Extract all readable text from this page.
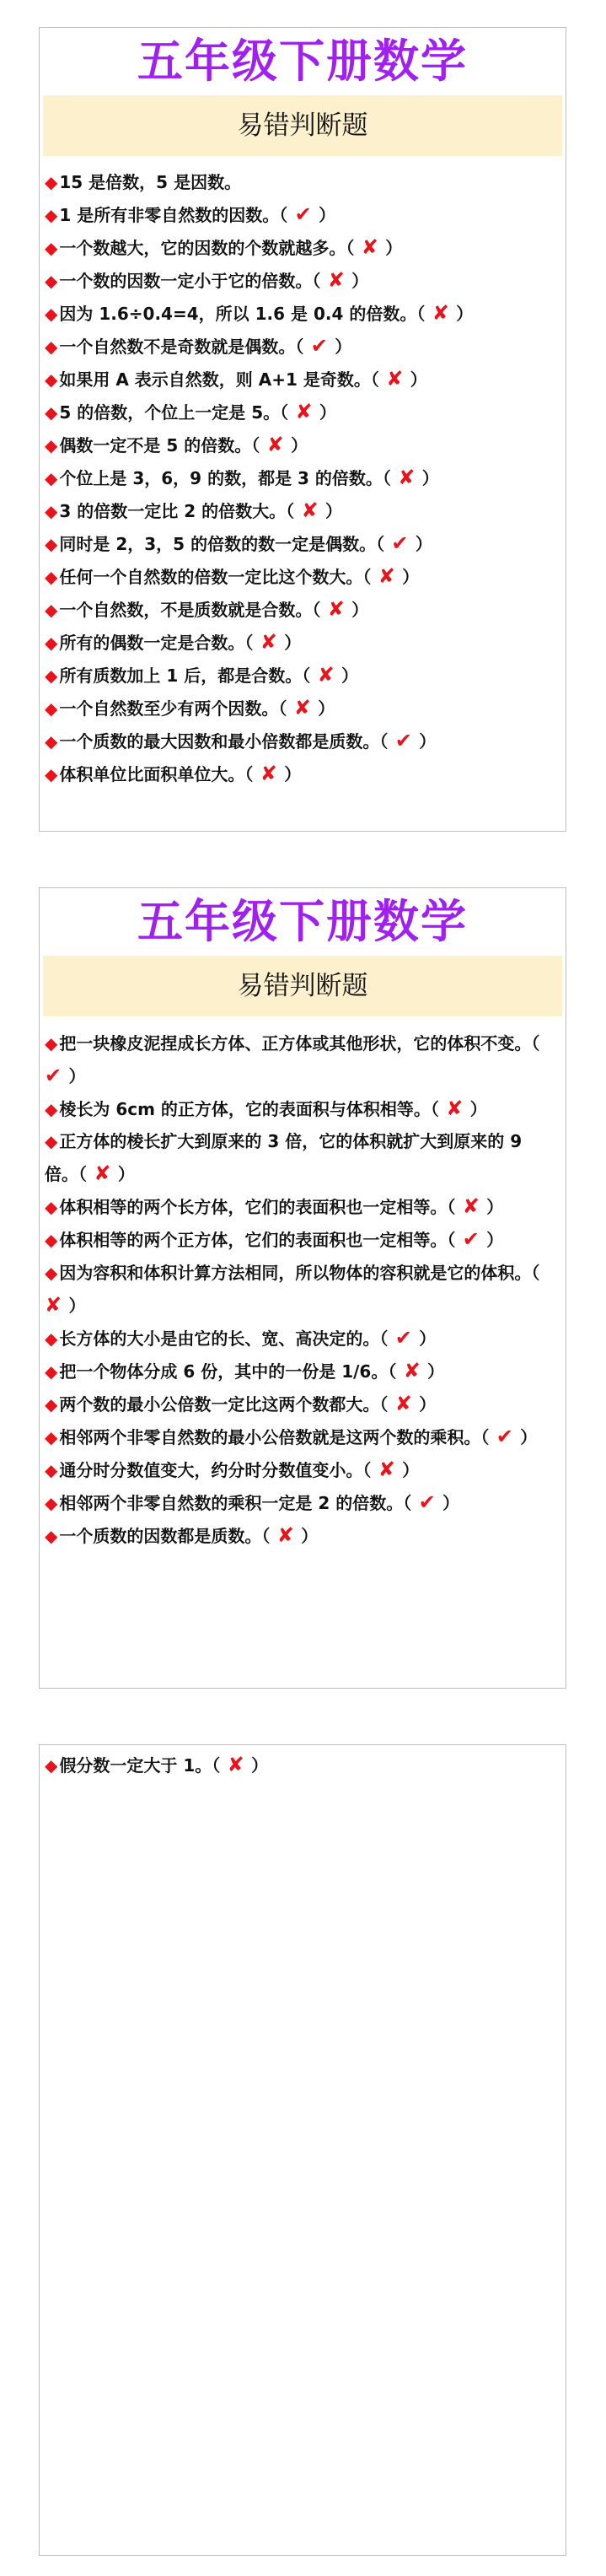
五年级下册数学
易错判断题

◆ 15 是倍数，5 是因数。

◆ 1 是所有非零自然数的因数。（ ✔ ）

◆ 一个数越大，它的因数的个数就越多。（ ✘ ）

◆ 一个数的因数一定小于它的倍数。（ ✘ ）

◆ 因为 1.6÷0.4=4，所以 1.6 是 0.4 的倍数。（ ✘ ）

◆ 一个自然数不是奇数就是偶数。（ ✔ ）

◆ 如果用 A 表示自然数，则 A+1 是奇数。（ ✘ ）

◆ 5 的倍数，个位上一定是 5。（ ✘ ）

◆ 偶数一定不是 5 的倍数。（ ✘ ）

◆ 个位上是 3，6，9 的数，都是 3 的倍数。（ ✘ ）

◆ 3 的倍数一定比 2 的倍数大。（ ✘ ）

◆ 同时是 2，3，5 的倍数的数一定是偶数。（ ✔ ）

◆ 任何一个自然数的倍数一定比这个数大。（ ✘ ）

◆ 一个自然数，不是质数就是合数。（ ✘ ）

◆ 所有的偶数一定是合数。（ ✘ ）

◆ 所有质数加上 1 后，都是合数。（ ✘ ）

◆ 一个自然数至少有两个因数。（ ✘ ）

◆ 一个质数的最大因数和最小倍数都是质数。（ ✔ ）

◆ 体积单位比面积单位大。（ ✘ ）

五年级下册数学
易错判断题

◆ 把一块橡皮泥捏成长方体、正方体或其他形状，它的体积不变。（ ✔ ）

◆ 棱长为 6cm 的正方体，它的表面积与体积相等。（ ✘ ）

◆ 正方体的棱长扩大到原来的 3 倍，它的体积就扩大到原来的 9 倍。（ ✘ ）

◆ 体积相等的两个长方体，它们的表面积也一定相等。（ ✘ ）

◆ 体积相等的两个正方体，它们的表面积也一定相等。（ ✔ ）

◆ 因为容积和体积计算方法相同，所以物体的容积就是它的体积。（ ✘ ）

◆ 长方体的大小是由它的长、宽、高决定的。（ ✔ ）

◆ 把一个物体分成 6 份，其中的一份是 1/6。（ ✘ ）

◆ 两个数的最小公倍数一定比这两个数都大。（ ✘ ）

◆ 相邻两个非零自然数的最小公倍数就是这两个数的乘积。（ ✔ ）

◆ 通分时分数值变大，约分时分数值变小。（ ✘ ）

◆ 相邻两个非零自然数的乘积一定是 2 的倍数。（ ✔ ）

◆ 一个质数的因数都是质数。（ ✘ ）

◆ 假分数一定大于 1。（ ✘ ）
